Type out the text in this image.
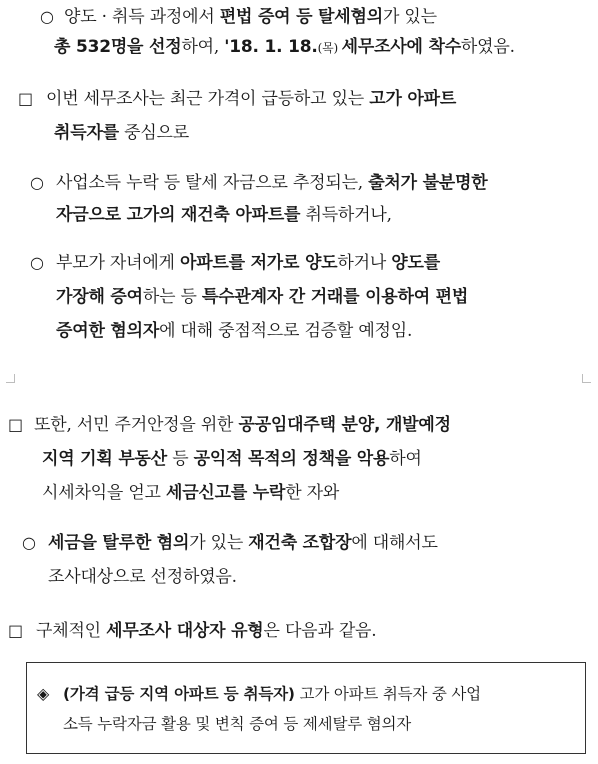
○ 양도 · 취득 과정에서 편법 증여 등 탈세혐의가 있는
총 532명을 선정하여, '18. 1. 18.(목) 세무조사에 착수하였음.
□ 이번 세무조사는 최근 가격이 급등하고 있는 고가 아파트
취득자를 중심으로
○ 사업소득 누락 등 탈세 자금으로 추정되는, 출처가 불분명한
자금으로 고가의 재건축 아파트를 취득하거나,
○ 부모가 자녀에게 아파트를 저가로 양도하거나 양도를
가장해 증여하는 등 특수관계자 간 거래를 이용하여 편법
증여한 혐의자에 대해 중점적으로 검증할 예정임.
□ 또한, 서민 주거안정을 위한 공공임대주택 분양, 개발예정
지역 기획 부동산 등 공익적 목적의 정책을 악용하여
시세차익을 얻고 세금신고를 누락한 자와
○ 세금을 탈루한 혐의가 있는 재건축 조합장에 대해서도
조사대상으로 선정하였음.
□ 구체적인 세무조사 대상자 유형은 다음과 같음.
◈ (가격 급등 지역 아파트 등 취득자) 고가 아파트 취득자 중 사업
소득 누락자금 활용 및 변칙 증여 등 제세탈루 혐의자
